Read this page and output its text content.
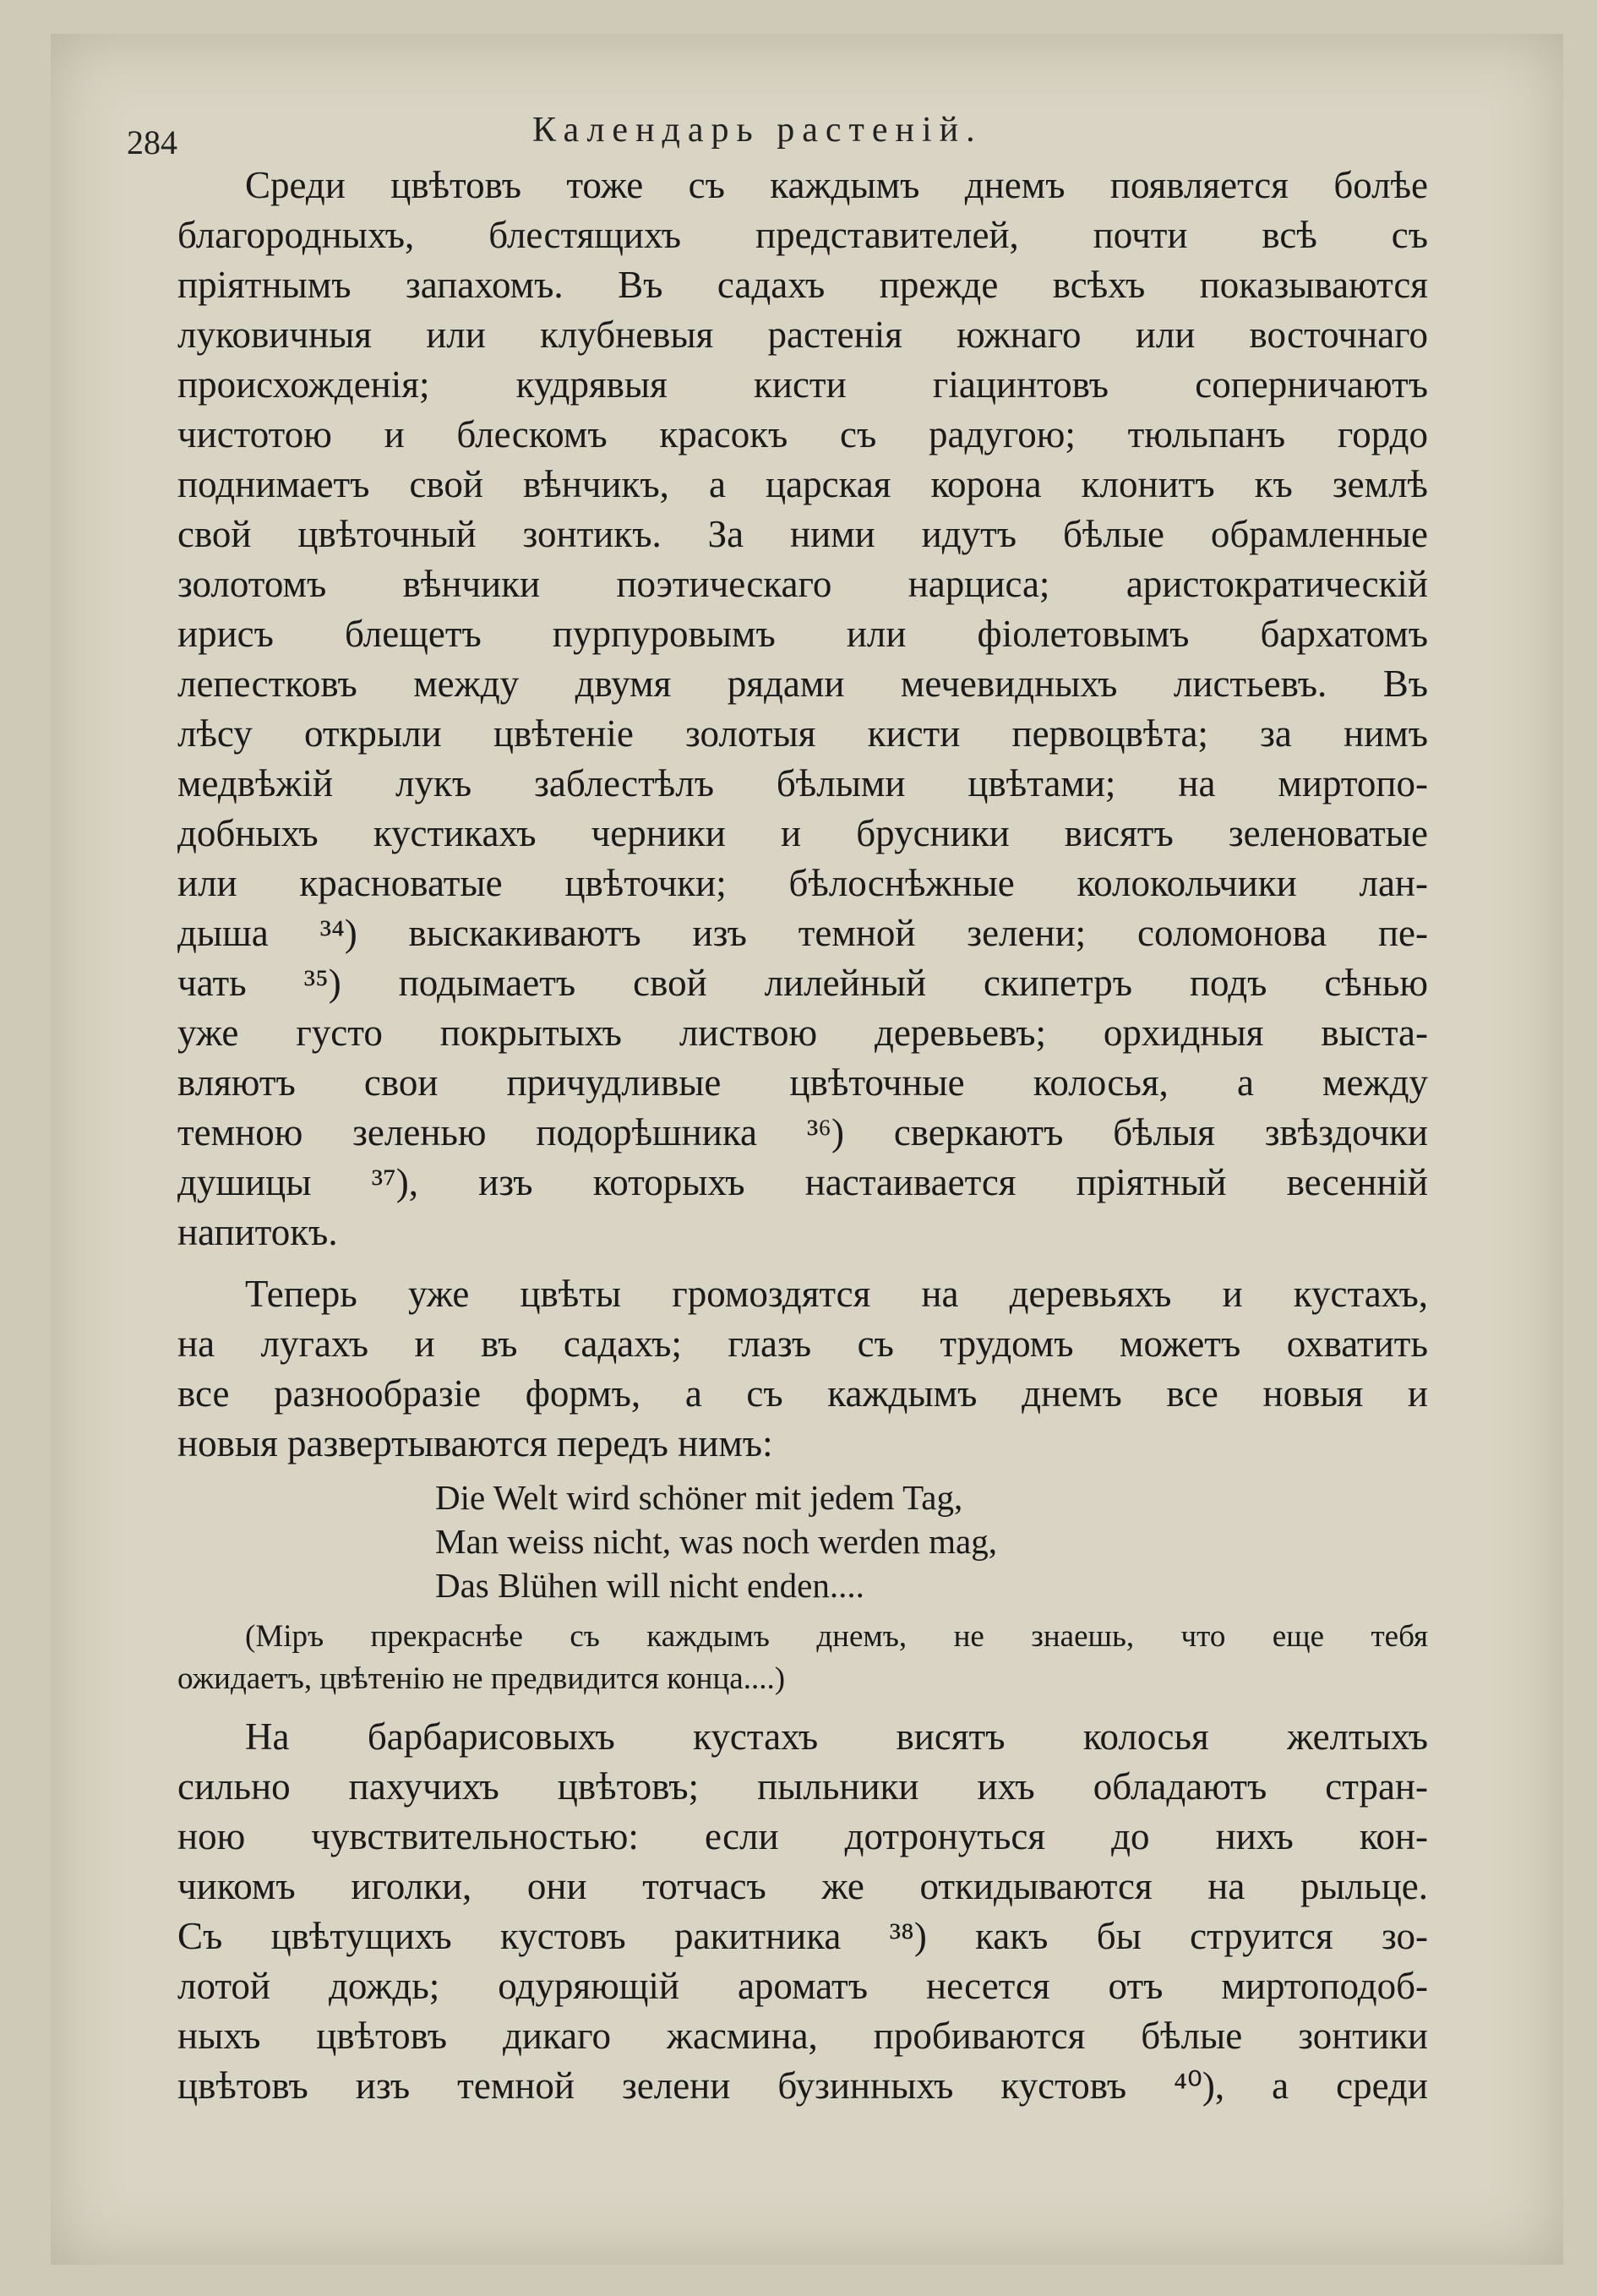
284	Календарь растеній.
Среди цвѣтовъ тоже съ каждымъ днемъ появляется болѣе
благородныхъ, блестящихъ представителей, почти всѣ съ
пріятнымъ запахомъ. Въ садахъ прежде всѣхъ показываются
луковичныя или клубневыя растенія южнаго или восточнаго
происхожденія; кудрявыя кисти гіацинтовъ соперничаютъ
чистотою и блескомъ красокъ съ радугою; тюльпанъ гордо
поднимаетъ свой вѣнчикъ, а царская корона клонитъ къ землѣ
свой цвѣточный зонтикъ. За ними идутъ бѣлые обрамленные
золотомъ вѣнчики поэтическаго нарциса; аристократическій
ирисъ блещетъ пурпуровымъ или фіолетовымъ бархатомъ
лепестковъ между двумя рядами мечевидныхъ листьевъ. Въ
лѣсу открыли цвѣтеніе золотыя кисти первоцвѣта; за нимъ
медвѣжій лукъ заблестѣлъ бѣлыми цвѣтами; на миртопо-
добныхъ кустикахъ черники и брусники висятъ зеленоватые
или красноватые цвѣточки; бѣлоснѣжные колокольчики лан-
дыша ³⁴) выскакиваютъ изъ темной зелени; соломонова пе-
чать ³⁵) подымаетъ свой лилейный скипетръ подъ сѣнью
уже густо покрытыхъ листвою деревьевъ; орхидныя выста-
вляютъ свои причудливые цвѣточные колосья, а между
темною зеленью подорѣшника ³⁶) сверкаютъ бѣлыя звѣздочки
душицы ³⁷), изъ которыхъ настаивается пріятный весенній
напитокъ.
Теперь уже цвѣты громоздятся на деревьяхъ и кустахъ,
на лугахъ и въ садахъ; глазъ съ трудомъ можетъ охватить
все разнообразіе формъ, а съ каждымъ днемъ все новыя и
новыя развертываются передъ нимъ:
Die Welt wird schöner mit jedem Tag,
Man weiss nicht, was noch werden mag,
Das Blühen will nicht enden....
(Міръ прекраснѣе съ каждымъ днемъ, не знаешь, что еще тебя
ожидаетъ, цвѣтенію не предвидится конца....)
На барбарисовыхъ кустахъ висятъ колосья желтыхъ
сильно пахучихъ цвѣтовъ; пыльники ихъ обладаютъ стран-
ною чувствительностью: если дотронуться до нихъ кон-
чикомъ иголки, они тотчасъ же откидываются на рыльце.
Съ цвѣтущихъ кустовъ ракитника ³⁸) какъ бы струится зо-
лотой дождь; одуряющій ароматъ несется отъ миртоподоб-
ныхъ цвѣтовъ дикаго жасмина, пробиваются бѣлые зонтики
цвѣтовъ изъ темной зелени бузинныхъ кустовъ ⁴⁰), а среди
